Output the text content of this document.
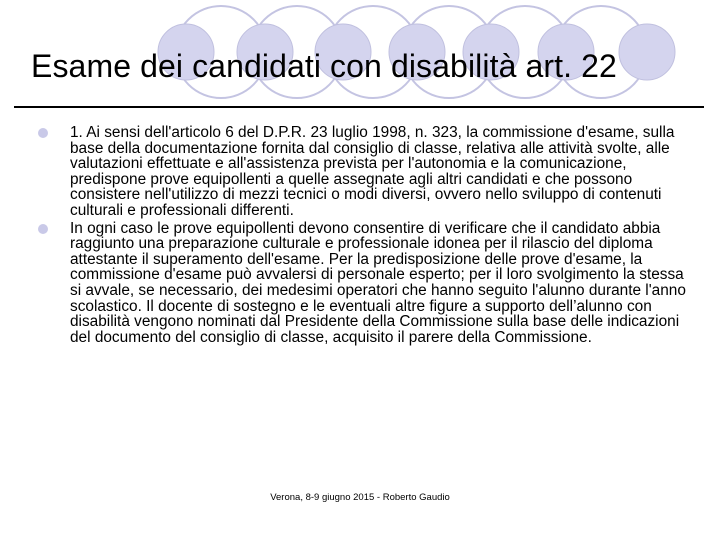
Esame dei candidati con disabilità art. 22
1. Ai sensi dell'articolo 6 del D.P.R. 23 luglio 1998, n. 323, la commissione d'esame, sulla base della documentazione fornita dal consiglio di classe, relativa alle attività svolte, alle valutazioni effettuate e all'assistenza prevista per l'autonomia e la comunicazione, predispone prove equipollenti a quelle assegnate agli altri candidati e che possono consistere nell'utilizzo di mezzi tecnici o modi diversi, ovvero nello sviluppo di contenuti culturali e professionali differenti.
In ogni caso le prove equipollenti devono consentire di verificare che il candidato abbia raggiunto una preparazione culturale e professionale idonea per il rilascio del diploma attestante il superamento dell'esame. Per la predisposizione delle prove d'esame, la commissione d'esame può avvalersi di personale esperto; per il loro svolgimento la stessa si avvale, se necessario, dei medesimi operatori che hanno seguito l'alunno durante l'anno scolastico. Il docente di sostegno e le eventuali altre figure a supporto dell’alunno con disabilità vengono nominati dal Presidente della Commissione sulla base delle indicazioni del documento del consiglio di classe, acquisito il parere della Commissione.
Verona, 8-9 giugno 2015 - Roberto Gaudio
